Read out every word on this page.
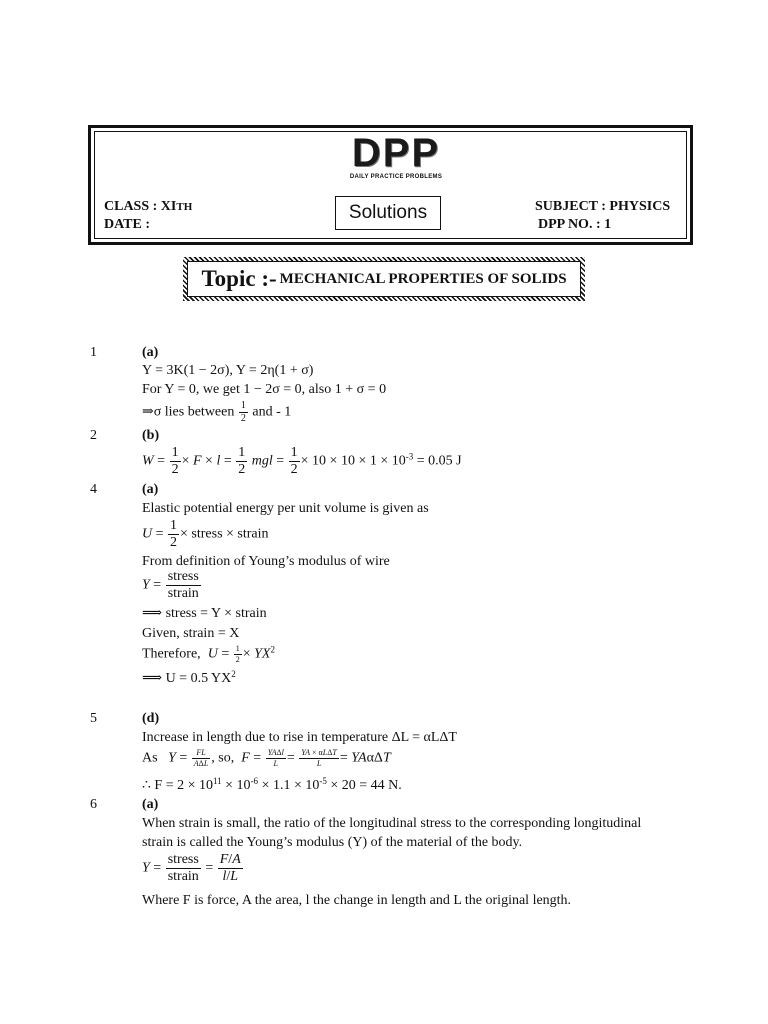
DPP
DAILY PRACTICE PROBLEMS
CLASS : XITH
DATE :
Solutions	SUBJECT : PHYSICS
DPP NO. : 1
Topic :- MECHANICAL PROPERTIES OF SOLIDS
1	(a)
Y = 3K(1 − 2σ), Y = 2η(1 + σ)
For Y = 0, we get 1 − 2σ = 0, also 1 + σ = 0
⇒σ lies between $\frac{1}{2}$ and - 1
2	(b)
$W = \frac{1}{2} \times F \times l = \frac{1}{2}$ mgl = $\frac{1}{2} \times 10 \times 10 \times 1 \times 10^{-3} = 0.05$ J
4	(a)
Elastic potential energy per unit volume is given as
$U = \frac{1}{2}$ × stress × strain
From definition of Young’s modulus of wire
$Y = \frac{\text{stress}}{\text{strain}}$
⟹ stress = Y × strain
Given, strain = X
Therefore, $U = \frac{1}{2} \times YX^2$
⟹ U = 0.5 $YX^2$
5	(d)
Increase in length due to rise in temperature ΔL = αLΔT
As $Y = \frac{FL}{\text{AΔL}}$ , so, $F = \frac{\text{YAΔl}}{L} = \frac{\text{YA × αLΔT}}{L} = YA\alpha\Delta T$
∴ $F = 2 \times 10^{11} \times 10^{-6} \times 1.1 \times 10^{-5} \times 20 = 44$ N.
6	(a)
When strain is small, the ratio of the longitudinal stress to the corresponding longitudinal
strain is called the Young’s modulus (Y) of the material of the body.
$Y = \frac{\text{stress}}{\text{strain}} = \frac{F/A}{l/L}$
Where F is force, A the area, l the change in length and L the original length.
